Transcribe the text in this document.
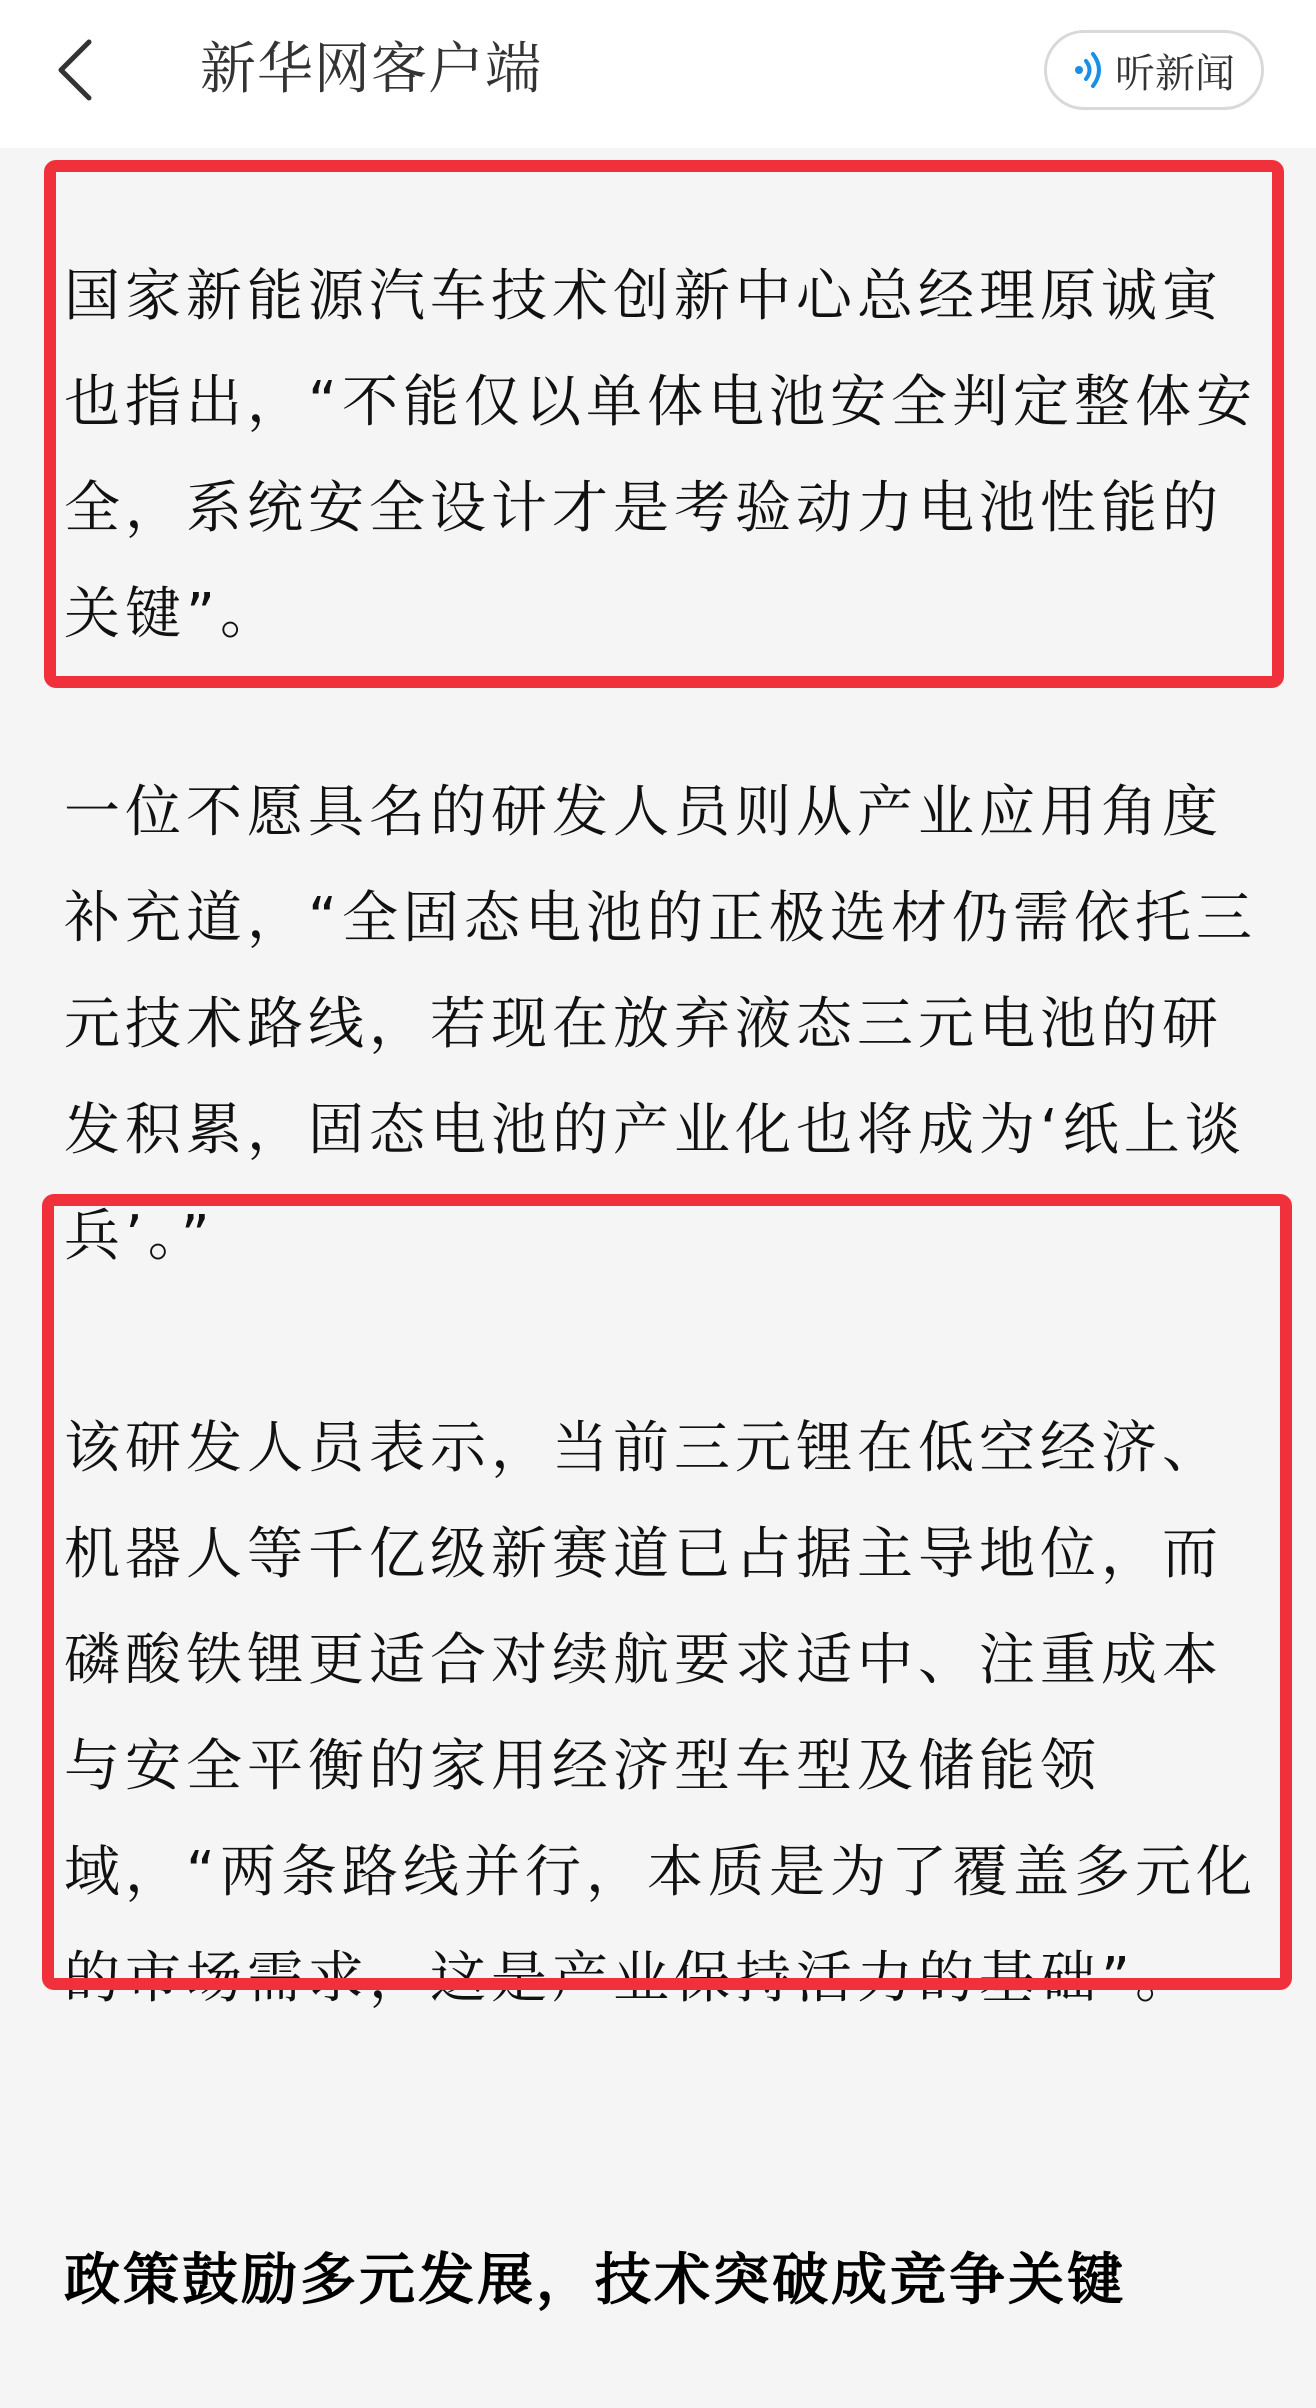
新华网客户端	听新闻
国家新能源汽车技术创新中心总经理原诚寅也指出，“不能仅以单体电池安全判定整体安全，系统安全设计才是考验动力电池性能的关键”。
一位不愿具名的研发人员则从产业应用角度补充道，“全固态电池的正极选材仍需依托三元技术路线，若现在放弃液态三元电池的研发积累，固态电池的产业化也将成为‘纸上谈兵’。”
该研发人员表示，当前三元锂在低空经济、机器人等千亿级新赛道已占据主导地位，而磷酸铁锂更适合对续航要求适中、注重成本与安全平衡的家用经济型车型及储能领域，“两条路线并行，本质是为了覆盖多元化的市场需求，这是产业保持活力的基础”。
政策鼓励多元发展，技术突破成竞争关键
